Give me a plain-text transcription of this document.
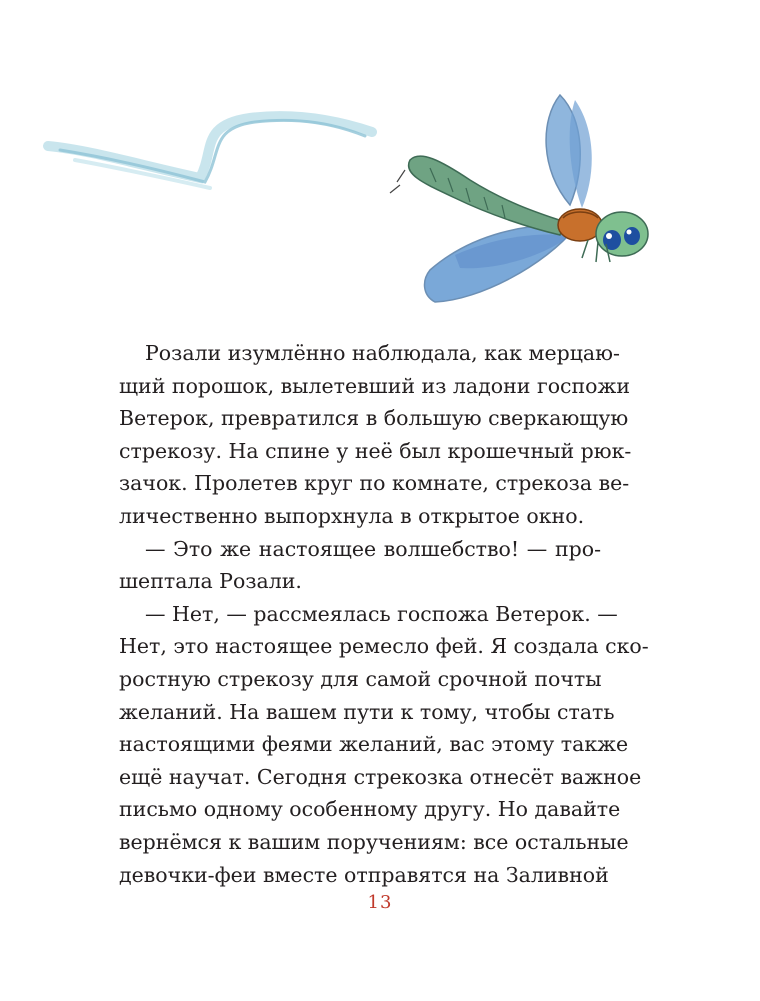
Розали изумлённо наблюдала, как мерцаю-
щий порошок, вылетевший из ладони госпожи
Ветерок, превратился в большую сверкающую
стрекозу. На спине у неё был крошечный рюк-
зачок. Пролетев круг по комнате, стрекоза ве-
личественно выпорхнула в открытое окно.
— Это же настоящее волшебство! — про-
шептала Розали.
— Нет, — рассмеялась госпожа Ветерок. —
Нет, это настоящее ремесло фей. Я создала ско-
ростную стрекозу для самой срочной почты
желаний. На вашем пути к тому, чтобы стать
настоящими феями желаний, вас этому также
ещё научат. Сегодня стрекозка отнесёт важное
письмо одному особенному другу. Но давайте
вернёмся к вашим поручениям: все остальные
девочки-феи вместе отправятся на Заливной
13
